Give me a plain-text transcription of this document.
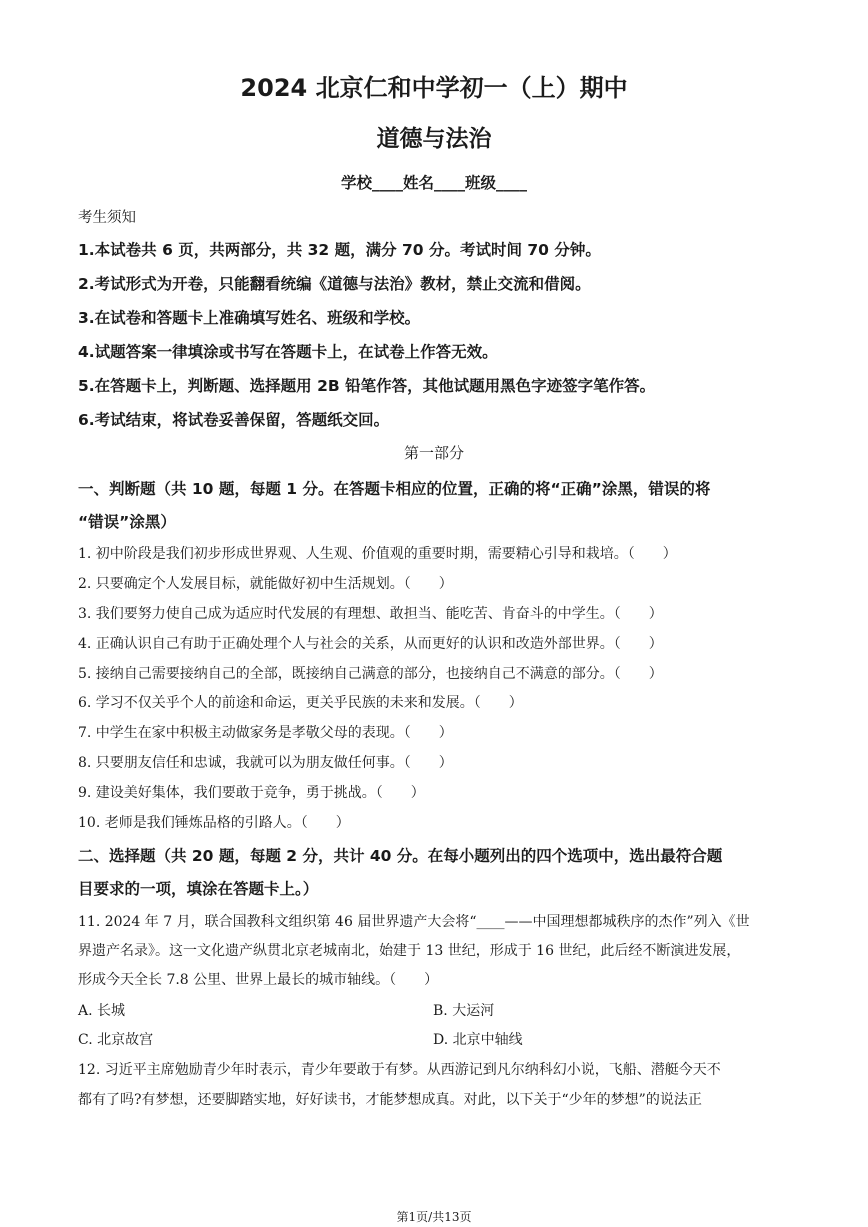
2024 北京仁和中学初一（上）期中
道德与法治
学校____姓名____班级____
考生须知
1.本试卷共 6 页，共两部分，共 32 题，满分 70 分。考试时间 70 分钟。
2.考试形式为开卷，只能翻看统编《道德与法治》教材，禁止交流和借阅。
3.在试卷和答题卡上准确填写姓名、班级和学校。
4.试题答案一律填涂或书写在答题卡上，在试卷上作答无效。
5.在答题卡上，判断题、选择题用 2B 铅笔作答，其他试题用黑色字迹签字笔作答。
6.考试结束，将试卷妥善保留，答题纸交回。
第一部分
一、判断题（共 10 题，每题 1 分。在答题卡相应的位置，正确的将“正确”涂黑，错误的将
“错误”涂黑）
1. 初中阶段是我们初步形成世界观、人生观、价值观的重要时期，需要精心引导和栽培。（　　）
2. 只要确定个人发展目标，就能做好初中生活规划。（　　）
3. 我们要努力使自己成为适应时代发展的有理想、敢担当、能吃苦、肯奋斗的中学生。（　　）
4. 正确认识自己有助于正确处理个人与社会的关系，从而更好的认识和改造外部世界。（　　）
5. 接纳自己需要接纳自己的全部，既接纳自己满意的部分，也接纳自己不满意的部分。（　　）
6. 学习不仅关乎个人的前途和命运，更关乎民族的未来和发展。（　　）
7. 中学生在家中积极主动做家务是孝敬父母的表现。（　　）
8. 只要朋友信任和忠诚，我就可以为朋友做任何事。（　　）
9. 建设美好集体，我们要敢于竞争，勇于挑战。（　　）
10. 老师是我们锤炼品格的引路人。（　　）
二、选择题（共 20 题，每题 2 分，共计 40 分。在每小题列出的四个选项中，选出最符合题
目要求的一项，填涂在答题卡上。）
11. 2024 年 7 月，联合国教科文组织第 46 届世界遗产大会将“____——中国理想都城秩序的杰作”列入《世
界遗产名录》。这一文化遗产纵贯北京老城南北，始建于 13 世纪，形成于 16 世纪，此后经不断演进发展，
形成今天全长 7.8 公里、世界上最长的城市轴线。（　　）
A. 长城	B. 大运河
C. 北京故宫	D. 北京中轴线
12. 习近平主席勉励青少年时表示，青少年要敢于有梦。从西游记到凡尔纳科幻小说，飞船、潜艇今天不
都有了吗?有梦想，还要脚踏实地，好好读书，才能梦想成真。对此，以下关于“少年的梦想”的说法正
第1页/共13页
